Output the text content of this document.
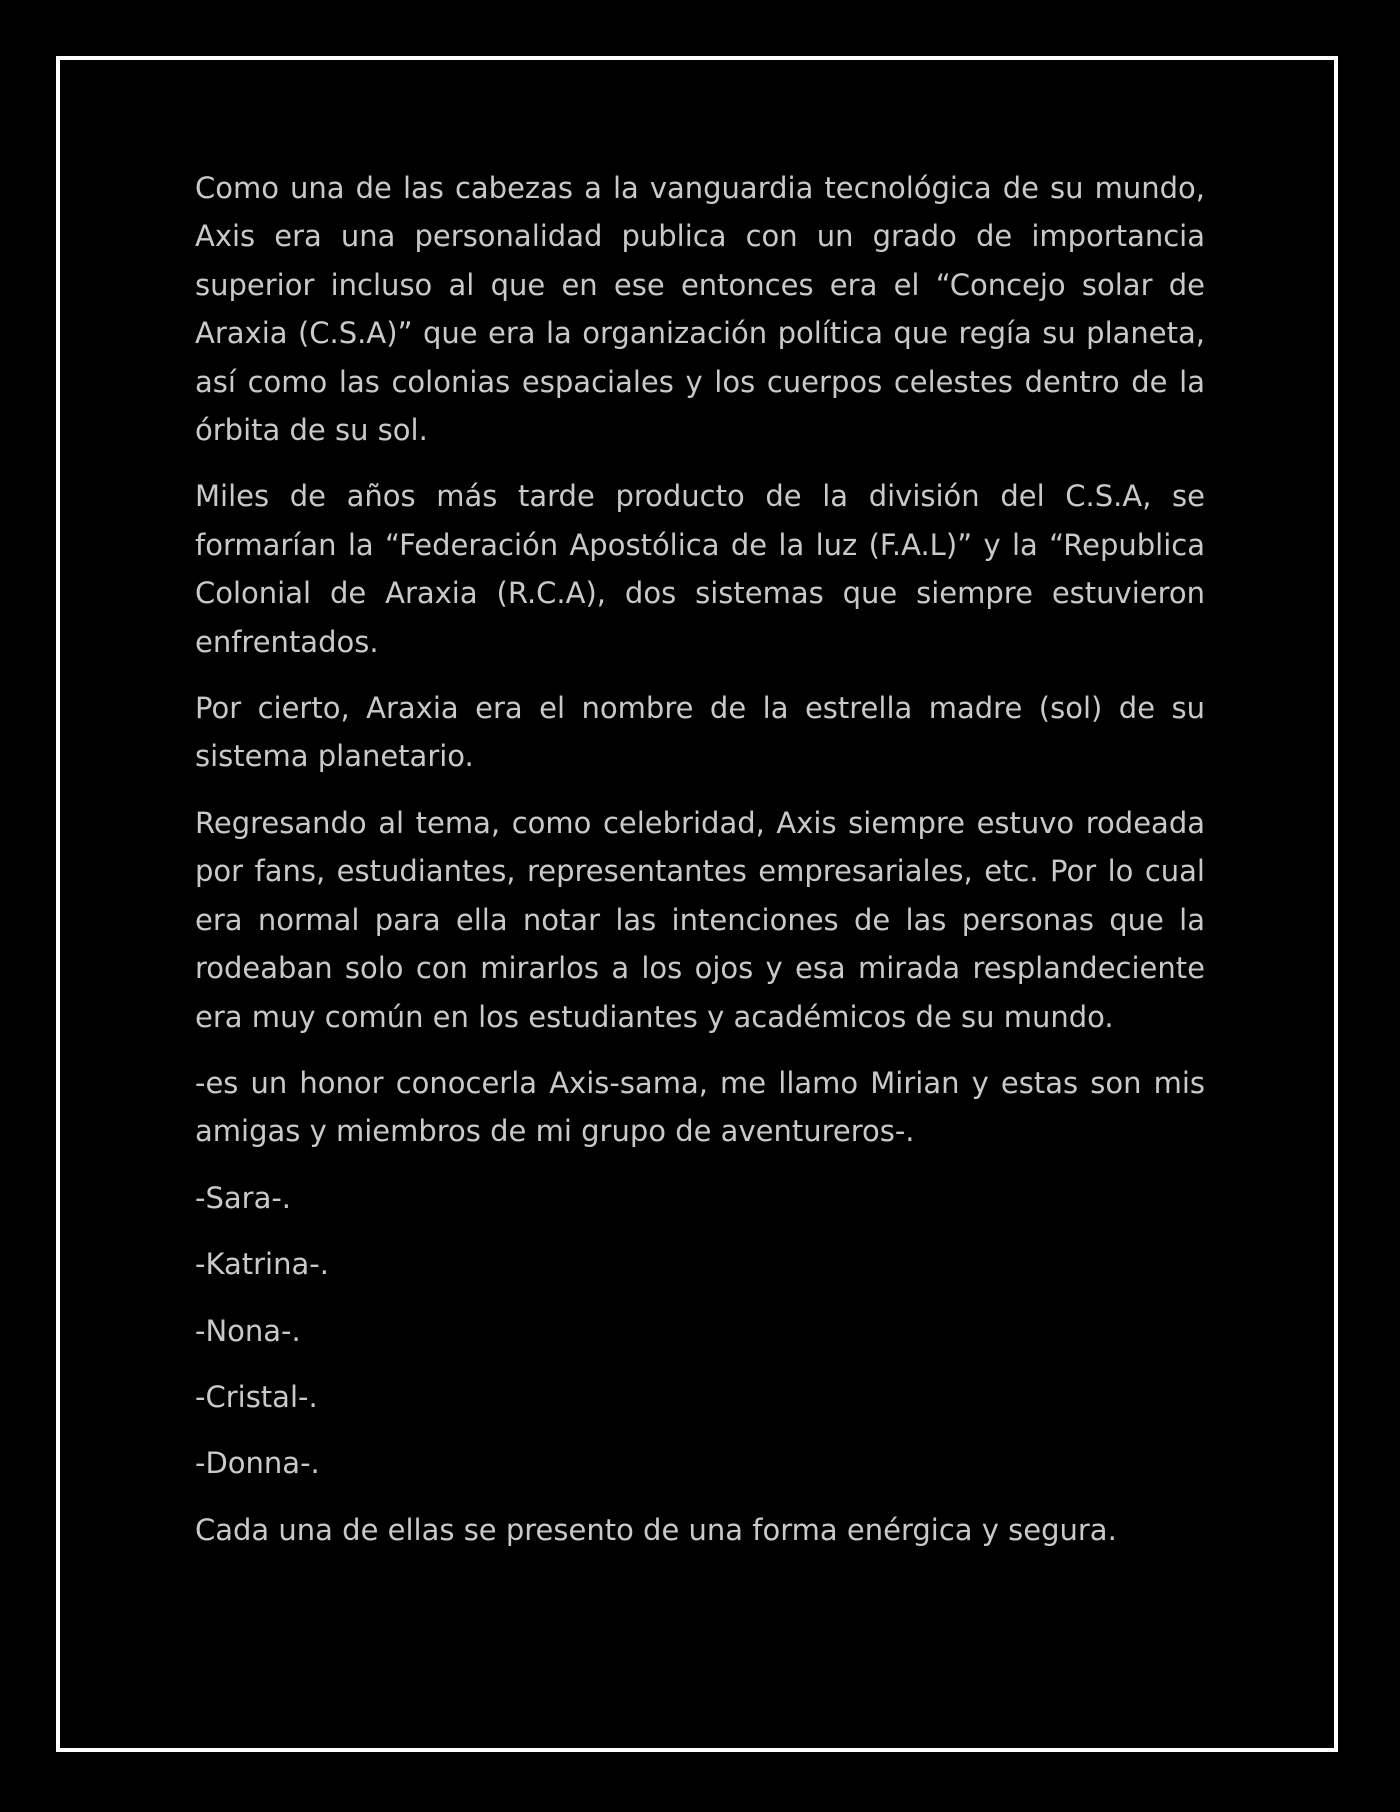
Como una de las cabezas a la vanguardia tecnológica de su mundo, Axis era una personalidad publica con un grado de importancia superior incluso al que en ese entonces era el “Concejo solar de Araxia (C.S.A)” que era la organización política que regía su planeta, así como las colonias espaciales y los cuerpos celestes dentro de la órbita de su sol.

Miles de años más tarde producto de la división del C.S.A, se formarían la “Federación Apostólica de la luz (F.A.L)” y la “Republica Colonial de Araxia (R.C.A), dos sistemas que siempre estuvieron enfrentados.

Por cierto, Araxia era el nombre de la estrella madre (sol) de su sistema planetario.

Regresando al tema, como celebridad, Axis siempre estuvo rodeada por fans, estudiantes, representantes empresariales, etc. Por lo cual era normal para ella notar las intenciones de las personas que la rodeaban solo con mirarlos a los ojos y esa mirada resplandeciente era muy común en los estudiantes y académicos de su mundo.

-es un honor conocerla Axis-sama, me llamo Mirian y estas son mis amigas y miembros de mi grupo de aventureros-.

-Sara-.

-Katrina-.

-Nona-.

-Cristal-.

-Donna-.

Cada una de ellas se presento de una forma enérgica y segura.
